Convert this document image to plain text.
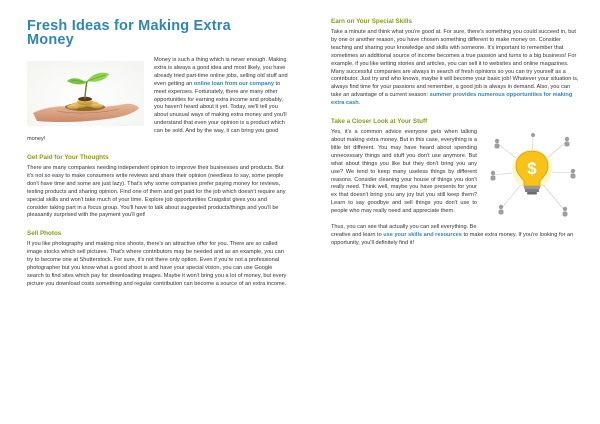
Fresh Ideas for Making Extra
Money

Money is such a thing which is never enough. Making extra is always a good idea and most likely, you have already tried part-time online jobs, selling old stuff and even getting an online loan from our company to meet expenses. Fortunately, there are many other opportunities for earning extra income and probably, you haven't heard about it yet. Today, we'll tell you about unusual ways of making extra money and you'll understand that even your opinion is a product which can be sold. And by the way, it can bring you good money!

Get Paid for Your Thoughts

There are many companies needing independent opinion to improve their businesses and products. But it's not so easy to make consumers write reviews and share their opinion (needless to say, some people don't have time and some are just lazy). That's why some companies prefer paying money for reviews, testing products and sharing opinion. Find one of them and get paid for the job which doesn't require any special skills and won't take much of your time. Explore job opportunities Craigslist gives you and consider taking part in a focus group. You'll have to talk about suggested products/things and you'll be pleasantly surprised with the payment you'll get!

Sell Photos

If you like photography and making nice shoots, there's an attractive offer for you. There are so called image stocks which sell pictures. That's where contributors may be needed and as an example, you can try to become one at Shutterstock. For sure, it's not there only option. Even if you're not a professional photographer but you know what a good shoot is and have your special vision, you can use Google search to find sites which pay for downloading images. Maybe it won't bring you a lot of money, but every picture you download costs something and regular contribution can become a source of an extra income.

Earn on Your Special Skills

Take a minute and think what you're good at. For sure, there's something you could succeed in, but by one or another reason, you have chosen something different to make money on. Consider teaching and sharing your knowledge and skills with someone. It's important to remember that sometimes an additional source of income becomes a true passion and turns to a big business! For example, if you like writing stories and articles, you can sell it to websites and online magazines. Many successful companies are always in search of fresh opinions so you can try yourself as a contributor. Just try and who knows, maybe it will become your basic job! Whatever your situation is, always find time for your passions and remember, a good job is always in demand. Also, you can take an advantage of a current season: summer provides numerous opportunities for making extra cash.

Take a Closer Look at Your Stuff
$

Yes, it's a common advice everyone gets when talking about making extra money. But in this case, everything is a little bit different. You may have heard about spending unnecessary things and stuff you don't use anymore. But what about things you like but they don't bring you any use? We tend to keep many useless things by different reasons. Consider cleaning your house of things you don't really need. Think well, maybe you have presents for your ex that doesn't bring you any joy but you still keep them? Learn to say goodbye and sell things you don't use to people who may really need and appreciate them.

Thus, you can see that actually you can sell everything. Be creative and learn to use your skills and resources to make extra money. If you're looking for an opportunity, you'll definitely find it!
